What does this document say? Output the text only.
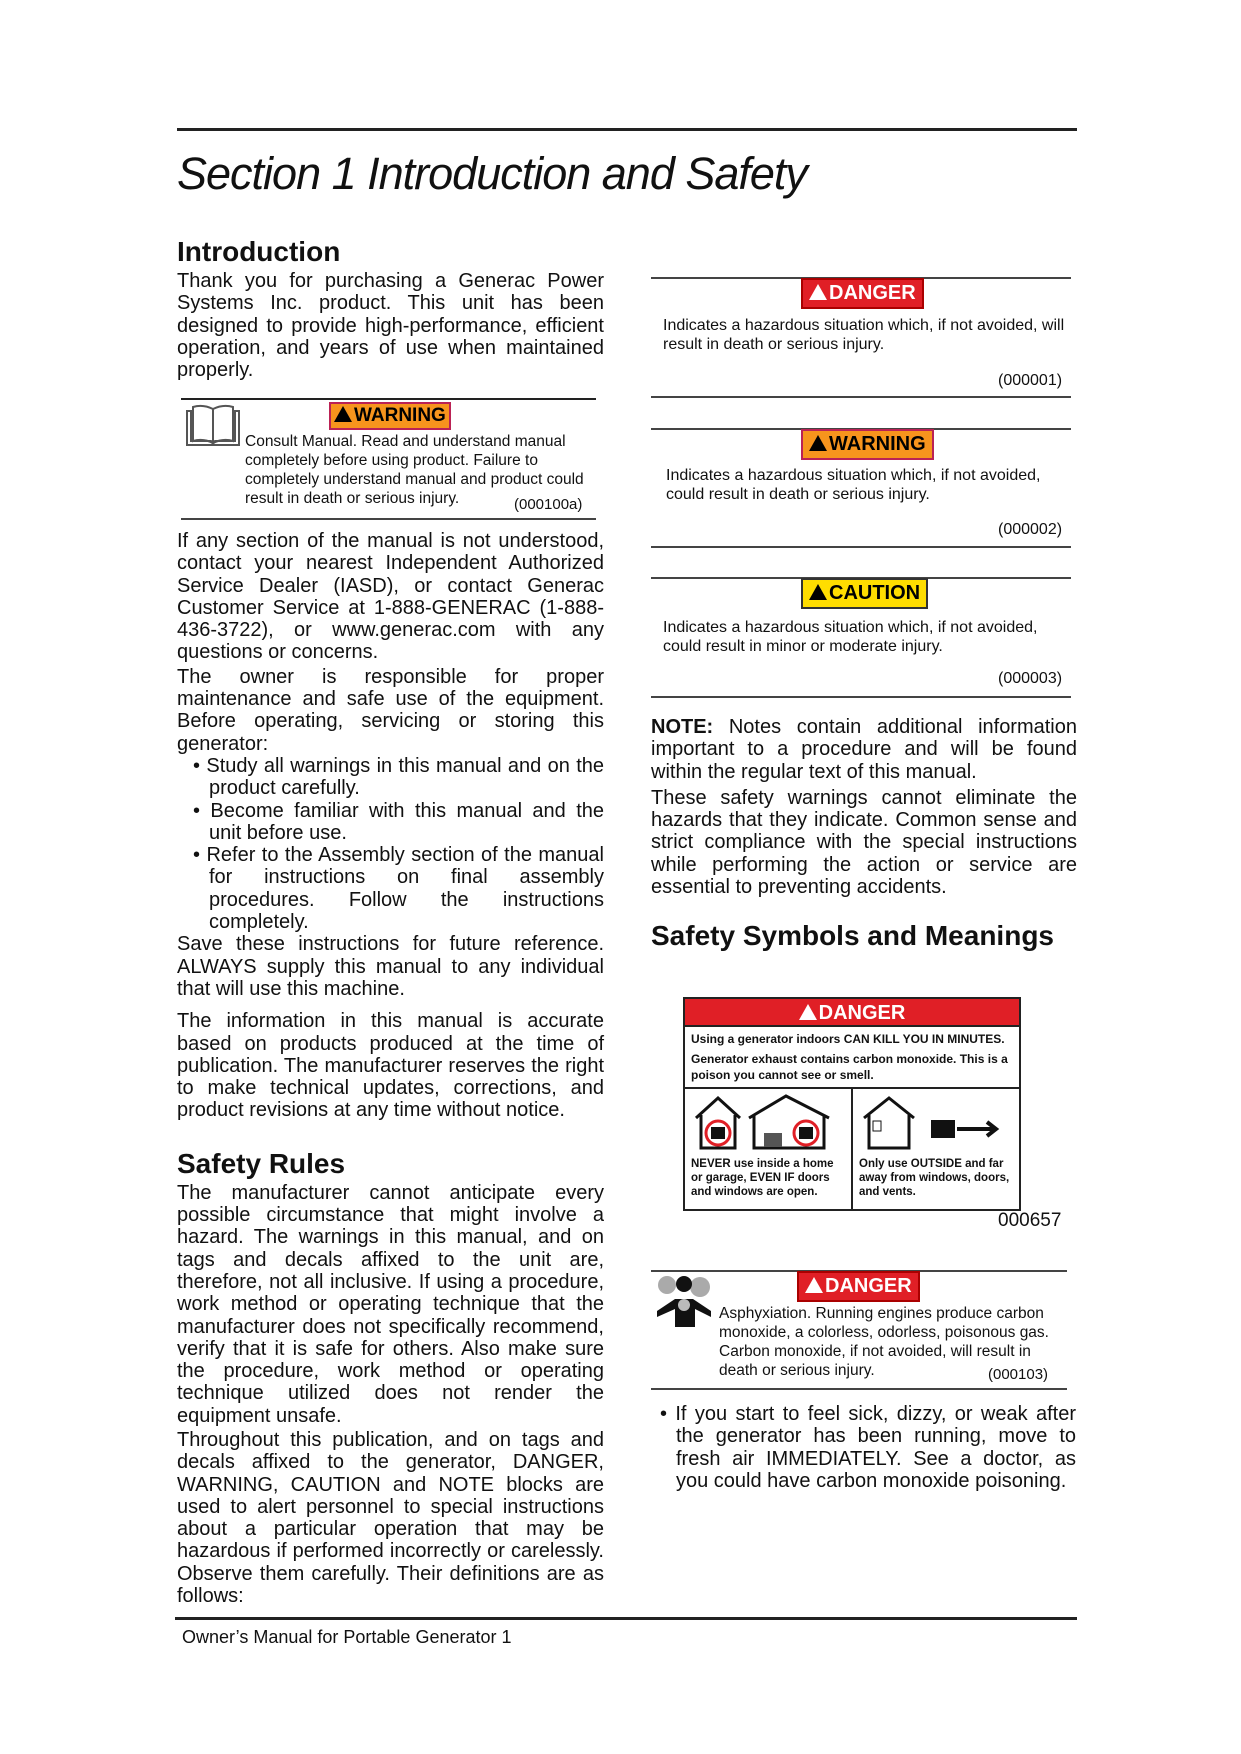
Section 1 Introduction and Safety
Introduction
Thank you for purchasing a Generac Power Systems Inc. product. This unit has been designed to provide high-performance, efficient operation, and years of use when maintained properly.
WARNING
Consult Manual. Read and understand manual completely before using product. Failure to completely understand manual and product could result in death or serious injury.	(000100a)
If any section of the manual is not understood, contact your nearest Independent Authorized Service Dealer (IASD), or contact Generac Customer Service at 1-888-GENERAC (1-888-436-3722), or www.generac.com with any questions or concerns.
The owner is responsible for proper maintenance and safe use of the equipment. Before operating, servicing or storing this generator:
• Study all warnings in this manual and on the product carefully.
• Become familiar with this manual and the unit before use.
• Refer to the Assembly section of the manual for instructions on final assembly procedures. Follow the instructions completely.
Save these instructions for future reference. ALWAYS supply this manual to any individual that will use this machine.
The information in this manual is accurate based on products produced at the time of publication. The manufacturer reserves the right to make technical updates, corrections, and product revisions at any time without notice.
Safety Rules
The manufacturer cannot anticipate every possible circumstance that might involve a hazard. The warnings in this manual, and on tags and decals affixed to the unit are, therefore, not all inclusive. If using a procedure, work method or operating technique that the manufacturer does not specifically recommend, verify that it is safe for others. Also make sure the procedure, work method or operating technique utilized does not render the equipment unsafe.
Throughout this publication, and on tags and decals affixed to the generator, DANGER, WARNING, CAUTION and NOTE blocks are used to alert personnel to special instructions about a particular operation that may be hazardous if performed incorrectly or carelessly. Observe them carefully. Their definitions are as follows:
DANGER
Indicates a hazardous situation which, if not avoided, will result in death or serious injury.
(000001)
WARNING
Indicates a hazardous situation which, if not avoided, could result in death or serious injury.
(000002)
CAUTION
Indicates a hazardous situation which, if not avoided, could result in minor or moderate injury.
(000003)
NOTE: Notes contain additional information important to a procedure and will be found within the regular text of this manual.
These safety warnings cannot eliminate the hazards that they indicate. Common sense and strict compliance with the special instructions while performing the action or service are essential to preventing accidents.
Safety Symbols and Meanings
DANGER
Using a generator indoors CAN KILL YOU IN MINUTES.
Generator exhaust contains carbon monoxide. This is a poison you cannot see or smell.
NEVER use inside a home or garage, EVEN IF doors and windows are open.
Only use OUTSIDE and far away from windows, doors, and vents.
000657
DANGER
Asphyxiation. Running engines produce carbon monoxide, a colorless, odorless, poisonous gas. Carbon monoxide, if not avoided, will result in death or serious injury.	(000103)
• If you start to feel sick, dizzy, or weak after the generator has been running, move to fresh air IMMEDIATELY. See a doctor, as you could have carbon monoxide poisoning.
Owner’s Manual for Portable Generator 1
